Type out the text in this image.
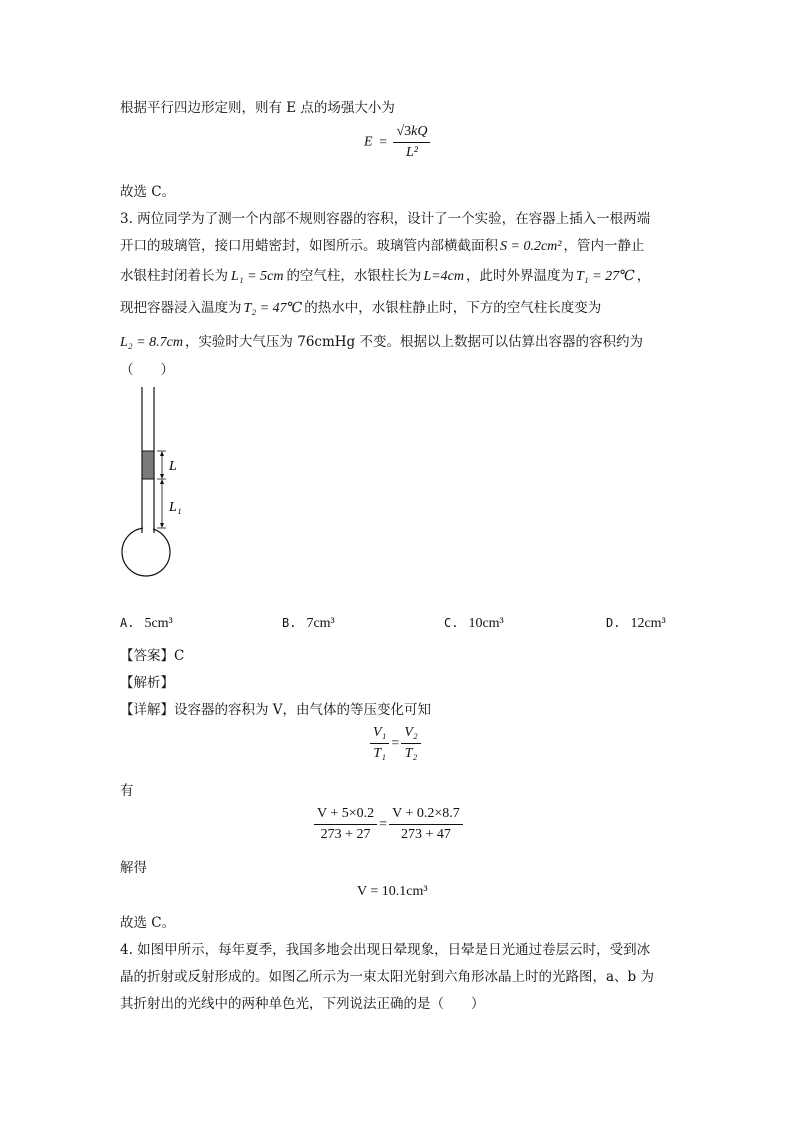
根据平行四边形定则，则有 E 点的场强大小为
$E = \frac{√3kQ}{\text{L²}}$
故选 C。
3. 两位同学为了测一个内部不规则容器的容积，设计了一个实验，在容器上插入一根两端
开口的玻璃管，接口用蜡密封，如图所示。玻璃管内部横截面积 S = 0.2cm² ，管内一静止
水银柱封闭着长为 L₁ = 5cm 的空气柱，水银柱长为 L=4cm ，此时外界温度为 T₁ = 27℃ ，
现把容器浸入温度为 T₂ = 47℃ 的热水中，水银柱静止时，下方的空气柱长度变为
L₂ = 8.7cm ，实验时大气压为 76cmHg 不变。根据以上数据可以估算出容器的容积约为
（　　）
L
L₁
A. 5cm³	B. 7cm³	C. 10cm³	D. 12cm³
【答案】C
【解析】
【详解】设容器的容积为 V，由气体的等压变化可知
$\frac{\text{V₁}}{\text{T₁}} = \frac{\text{V₂}}{\text{T₂}}$
有
$\frac{V + 5\times 0.2}{273 + 27} = \frac{V + 0.2\times 8.7}{273 + 47}$
解得
V = 10.1cm³
故选 C。
4. 如图甲所示，每年夏季，我国多地会出现日晕现象，日晕是日光通过卷层云时，受到冰
晶的折射或反射形成的。如图乙所示为一束太阳光射到六角形冰晶上时的光路图，a、b 为
其折射出的光线中的两种单色光，下列说法正确的是（　　）
